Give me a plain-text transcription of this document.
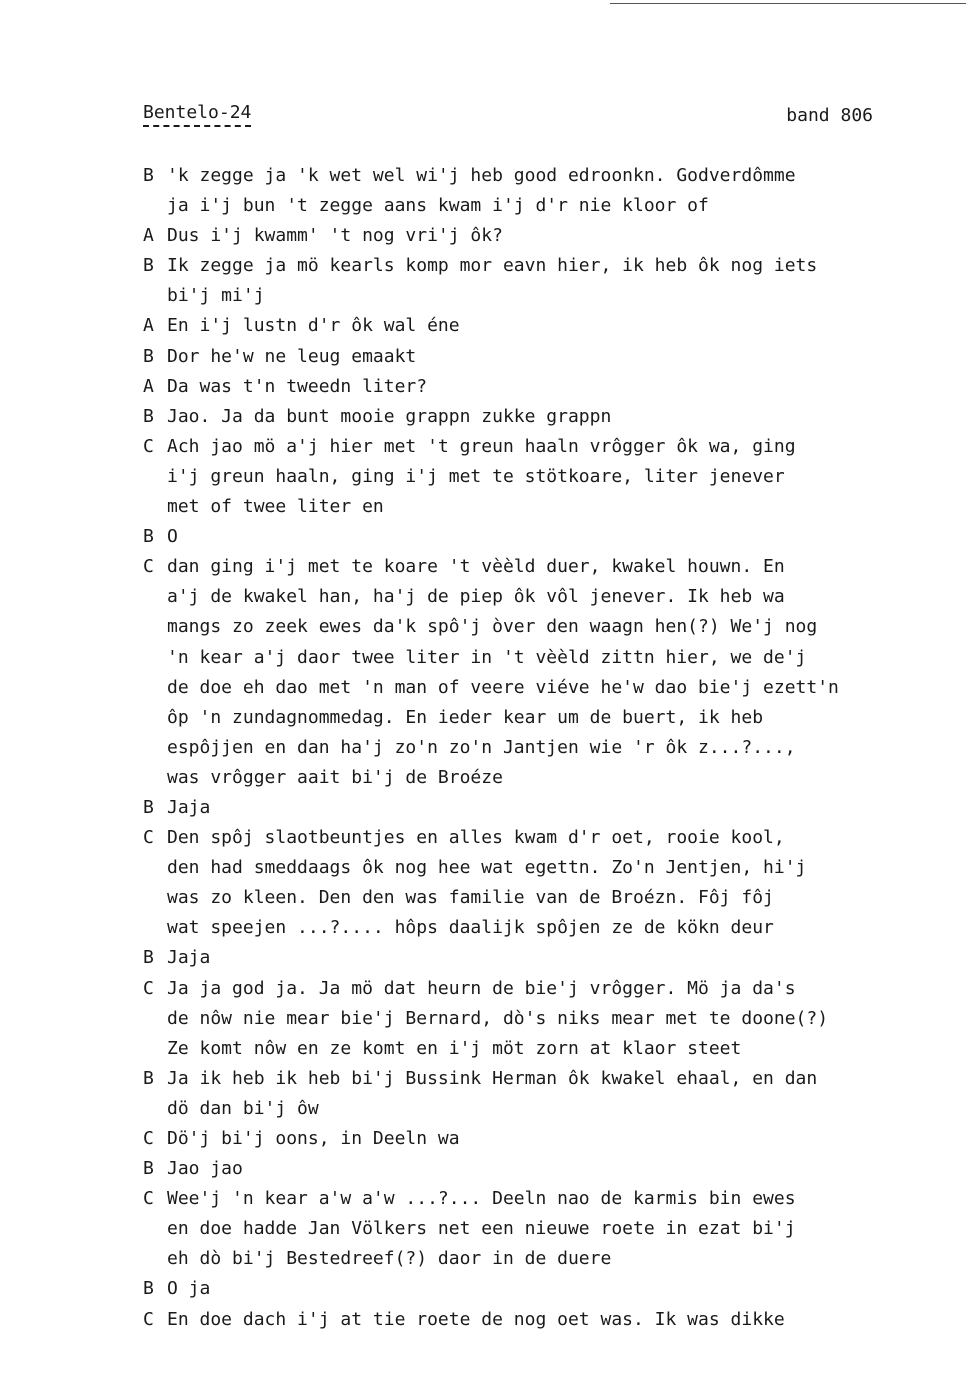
Bentelo-24	band 806
B 'k zegge ja 'k wet wel wi'j heb good edroonkn. Godverdômme
ja i'j bun 't zegge aans kwam i'j d'r nie kloor of
A Dus i'j kwamm' 't nog vri'j ôk?
B Ik zegge ja mö kearls komp mor eavn hier, ik heb ôk nog iets
bi'j mi'j
A En i'j lustn d'r ôk wal éne
B Dor he'w ne leug emaakt
A Da was t'n tweedn liter?
B Jao. Ja da bunt mooie grappn zukke grappn
C Ach jao mö a'j hier met 't greun haaln vrôgger ôk wa, ging
i'j greun haaln, ging i'j met te stötkoare, liter jenever
met of twee liter en
B O
C dan ging i'j met te koare 't vèèld duer, kwakel houwn. En
a'j de kwakel han, ha'j de piep ôk vôl jenever. Ik heb wa
mangs zo zeek ewes da'k spô'j òver den waagn hen(?) We'j nog
'n kear a'j daor twee liter in 't vèèld zittn hier, we de'j
de doe eh dao met 'n man of veere viéve he'w dao bie'j ezett'n
ôp 'n zundagnommedag. En ieder kear um de buert, ik heb
espôjjen en dan ha'j zo'n zo'n Jantjen wie 'r ôk z...?...,
was vrôgger aait bi'j de Broéze
B Jaja
C Den spôj slaotbeuntjes en alles kwam d'r oet, rooie kool,
den had smeddaags ôk nog hee wat egettn. Zo'n Jentjen, hi'j
was zo kleen. Den den was familie van de Broézn. Fôj fôj
wat speejen ...?.... hôps daalijk spôjen ze de kökn deur
B Jaja
C Ja ja god ja. Ja mö dat heurn de bie'j vrôgger. Mö ja da's
de nôw nie mear bie'j Bernard, dò's niks mear met te doone(?)
Ze komt nôw en ze komt en i'j möt zorn at klaor steet
B Ja ik heb ik heb bi'j Bussink Herman ôk kwakel ehaal, en dan
dö dan bi'j ôw
C Dö'j bi'j oons, in Deeln wa
B Jao jao
C Wee'j 'n kear a'w a'w ...?... Deeln nao de karmis bin ewes
en doe hadde Jan Völkers net een nieuwe roete in ezat bi'j
eh dò bi'j Bestedreef(?) daor in de duere
B O ja
C En doe dach i'j at tie roete de nog oet was. Ik was dikke
